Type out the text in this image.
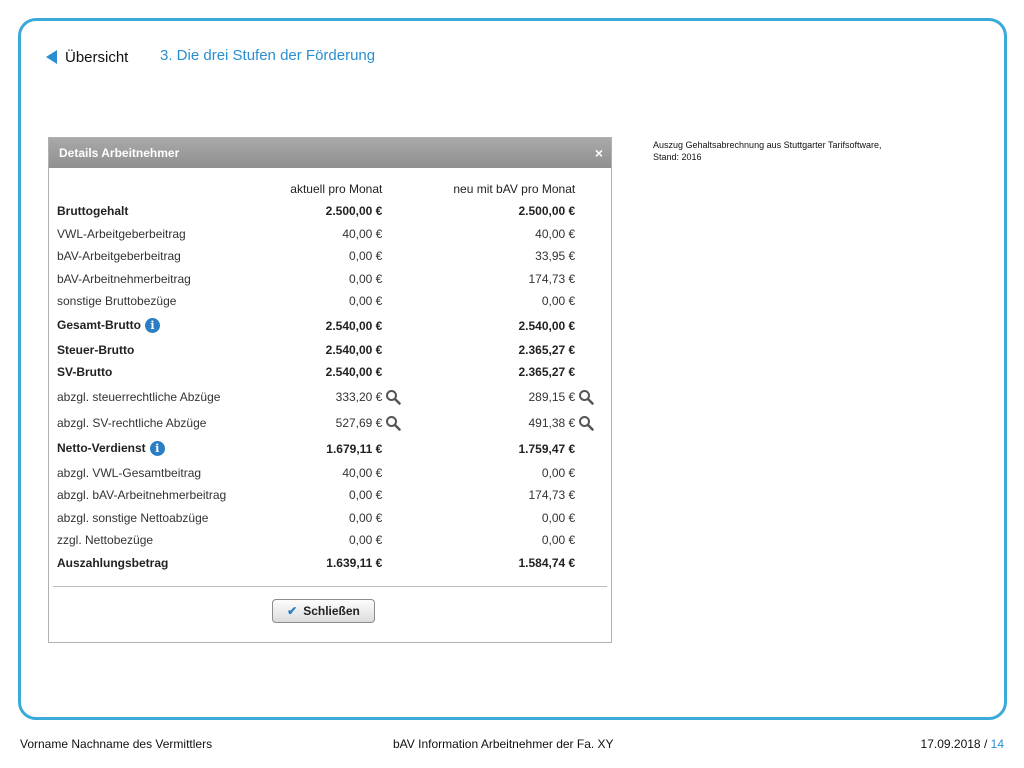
Übersicht 3. Die drei Stufen der Förderung
Auszug Gehaltsabrechnung aus Stuttgarter Tarifsoftware,
Stand: 2016
Details Arbeitnehmer	×
	aktuell pro Monat		neu mit bAV pro Monat	
Bruttogehalt	2.500,00 €		2.500,00 €	
VWL-Arbeitgeberbeitrag	40,00 €		40,00 €	
bAV-Arbeitgeberbeitrag	0,00 €		33,95 €	
bAV-Arbeitnehmerbeitrag	0,00 €		174,73 €	
sonstige Bruttobezüge	0,00 €		0,00 €	
Gesamt-Brutto i	2.540,00 €		2.540,00 €	
Steuer-Brutto	2.540,00 €		2.365,27 €	
SV-Brutto	2.540,00 €		2.365,27 €	
abzgl. steuerrechtliche Abzüge	333,20 €		289,15 €	
abzgl. SV-rechtliche Abzüge	527,69 €		491,38 €	
Netto-Verdienst i	1.679,11 €		1.759,47 €	
abzgl. VWL-Gesamtbeitrag	40,00 €		0,00 €	
abzgl. bAV-Arbeitnehmerbeitrag	0,00 €		174,73 €	
abzgl. sonstige Nettoabzüge	0,00 €		0,00 €	
zzgl. Nettobezüge	0,00 €		0,00 €	
Auszahlungsbetrag	1.639,11 €		1.584,74 €	
✔ Schließen
Vorname Nachname des Vermittlers	bAV Information Arbeitnehmer der Fa. XY	17.09.2018 / 14
